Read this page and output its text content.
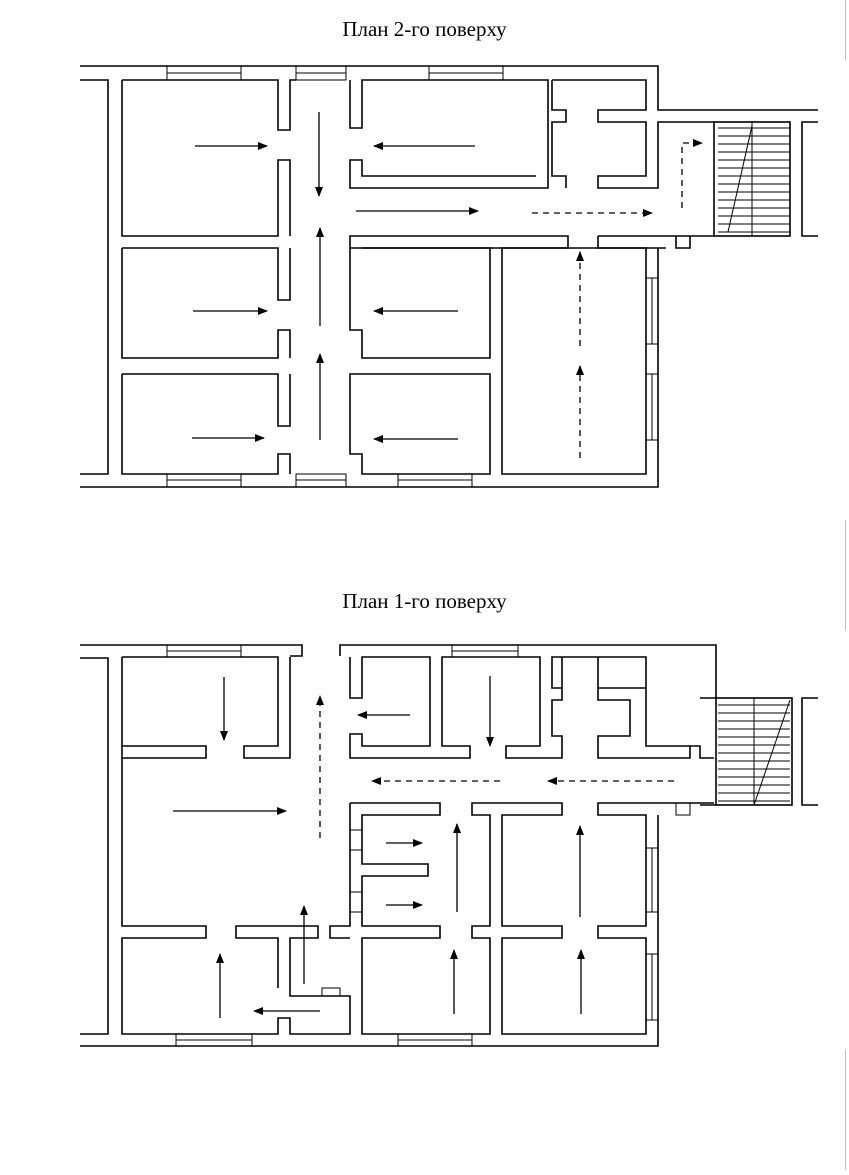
План 2-го поверху
План 1-го поверху
